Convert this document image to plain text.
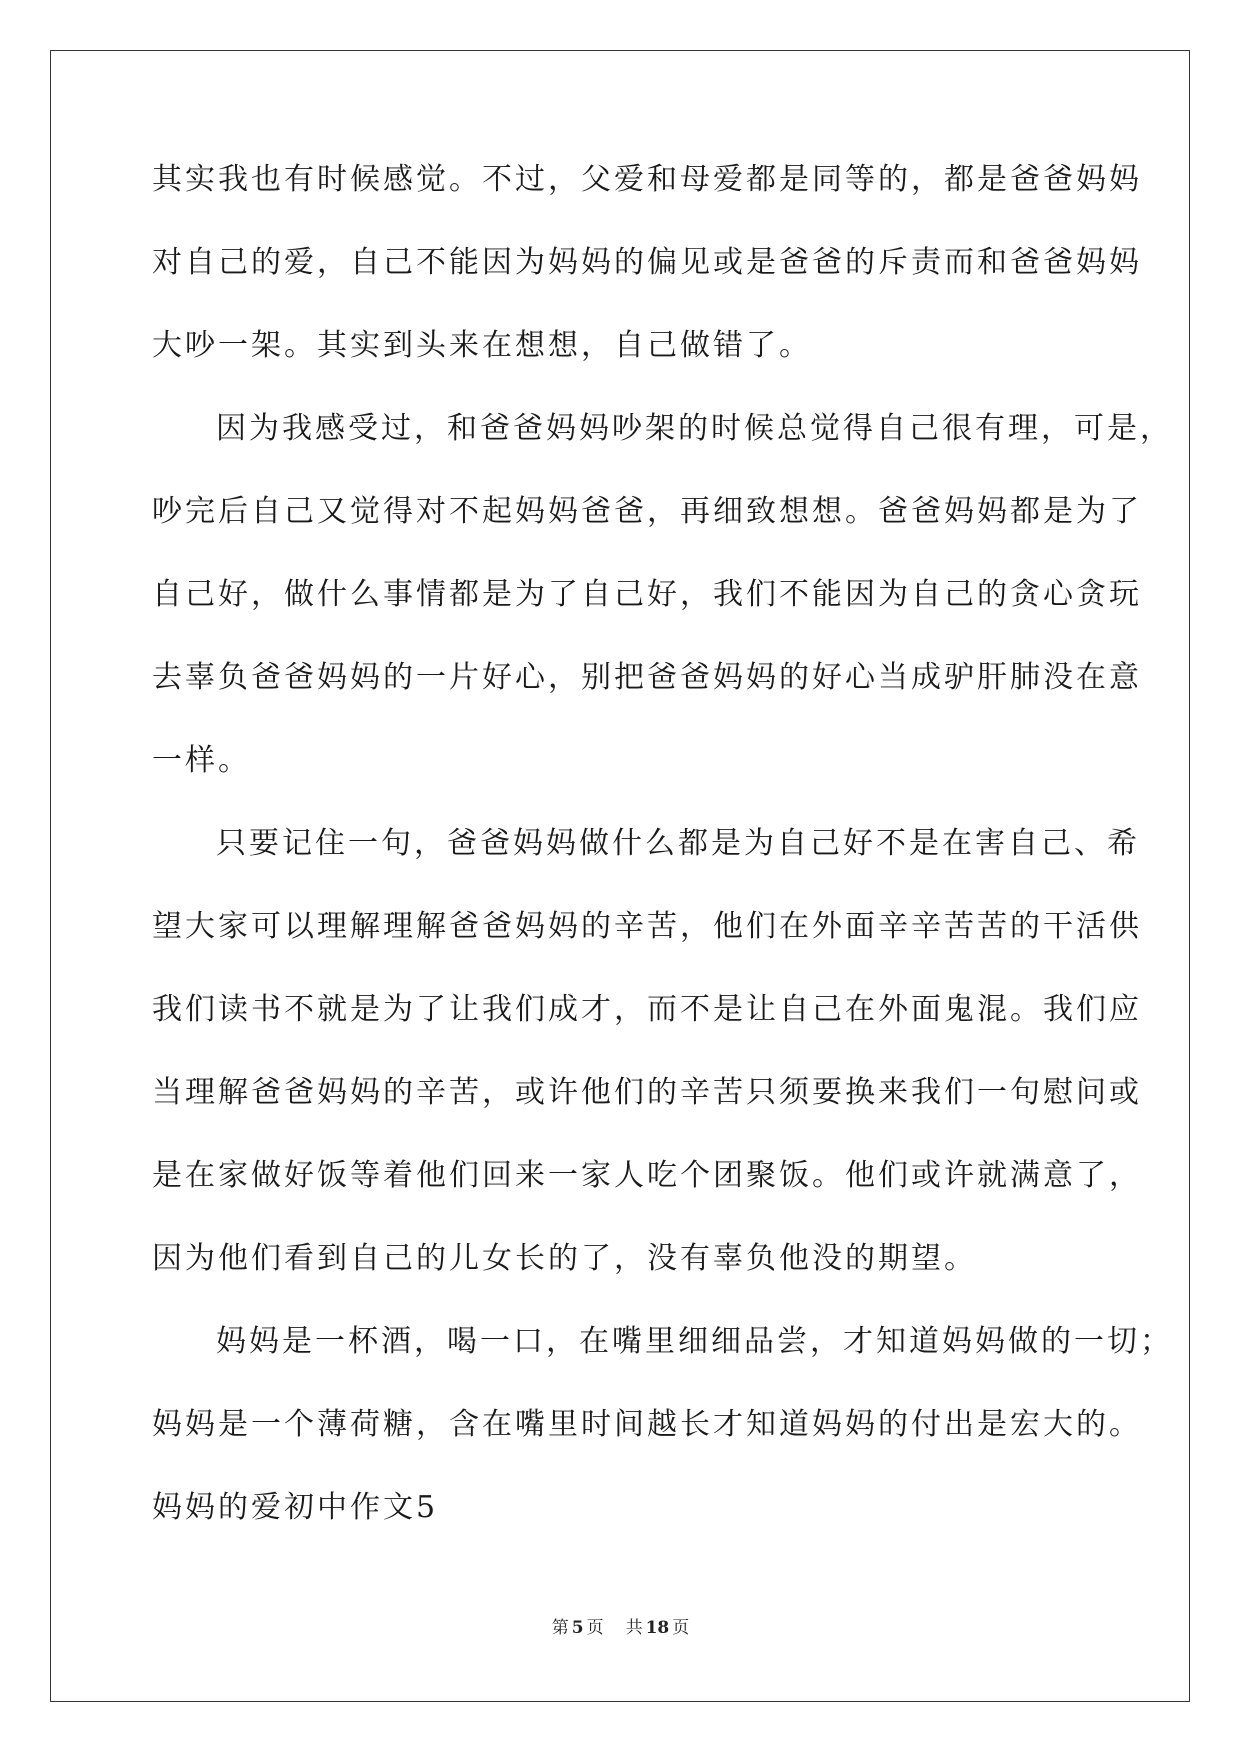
其实我也有时候感觉。不过，父爱和母爱都是同等的，都是爸爸妈妈
对自己的爱，自己不能因为妈妈的偏见或是爸爸的斥责而和爸爸妈妈
大吵一架。其实到头来在想想，自己做错了。
因为我感受过，和爸爸妈妈吵架的时候总觉得自己很有理，可是，
吵完后自己又觉得对不起妈妈爸爸，再细致想想。爸爸妈妈都是为了
自己好，做什么事情都是为了自己好，我们不能因为自己的贪心贪玩
去辜负爸爸妈妈的一片好心，别把爸爸妈妈的好心当成驴肝肺没在意
一样。
只要记住一句，爸爸妈妈做什么都是为自己好不是在害自己、希
望大家可以理解理解爸爸妈妈的辛苦，他们在外面辛辛苦苦的干活供
我们读书不就是为了让我们成才，而不是让自己在外面鬼混。我们应
当理解爸爸妈妈的辛苦，或许他们的辛苦只须要换来我们一句慰问或
是在家做好饭等着他们回来一家人吃个团聚饭。他们或许就满意了，
因为他们看到自己的儿女长的了，没有辜负他没的期望。
妈妈是一杯酒，喝一口，在嘴里细细品尝，才知道妈妈做的一切；
妈妈是一个薄荷糖，含在嘴里时间越长才知道妈妈的付出是宏大的。
妈妈的爱初中作文5
第 5 页 共 18 页
